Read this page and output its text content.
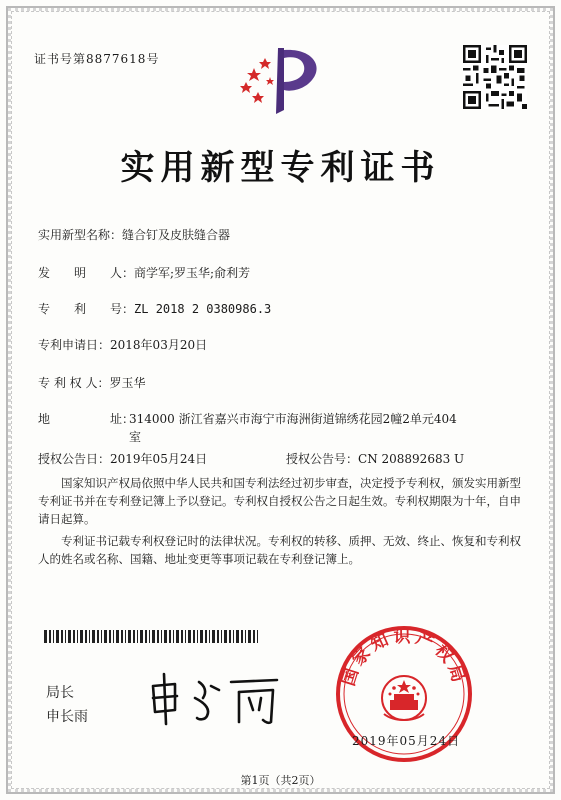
证书号第8877618号
实用新型专利证书
实用新型名称：缝合钉及皮肤缝合器
发　　明　　人：商学军;罗玉华;俞利芳
专　　利　　号：ZL 2018 2 0380986.3
专利申请日：2018年03月20日
专 利 权 人：罗玉华
地　　　　　址：
314000 浙江省嘉兴市海宁市海洲街道锦绣花园2幢2单元404室
授权公告日：2019年05月24日	授权公告号：CN 208892683 U
国家知识产权局依照中华人民共和国专利法经过初步审查，决定授予专利权，颁发实用新型专利证书并在专利登记簿上予以登记。专利权自授权公告之日起生效。专利权期限为十年，自申请日起算。
专利证书记载专利权登记时的法律状况。专利权的转移、质押、无效、终止、恢复和专利权人的姓名或名称、国籍、地址变更等事项记载在专利登记簿上。
局长
申长雨
国家知识产权局
2019年05月24日
第1页（共2页）
